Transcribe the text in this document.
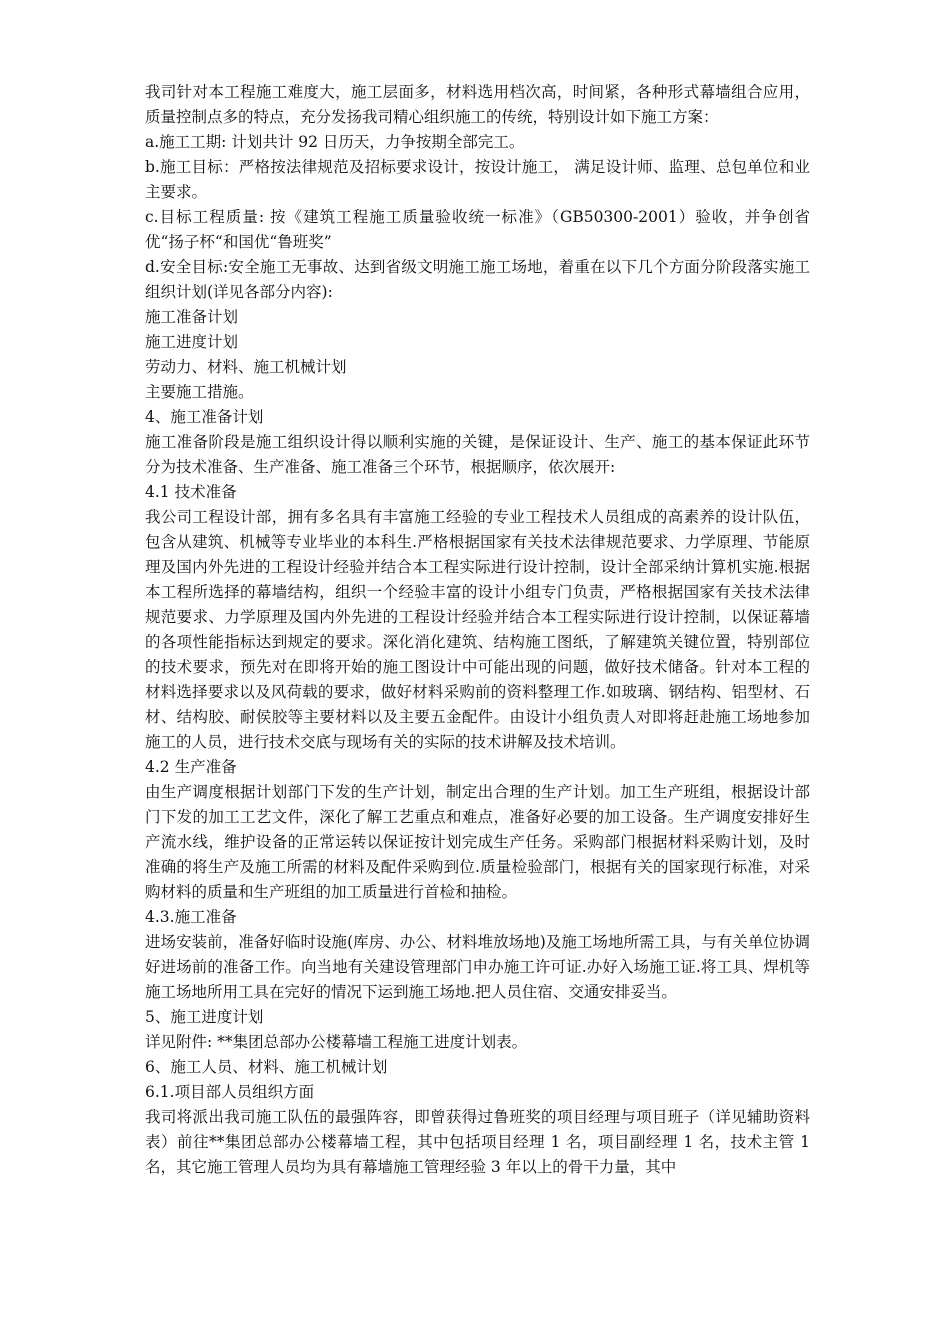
我司针对本工程施工难度大，施工层面多，材料选用档次高，时间紧，各种形式幕墙组合应用，质量控制点多的特点，充分发扬我司精心组织施工的传统，特别设计如下施工方案：

a.施工工期: 计划共计 92 日历天，力争按期全部完工。

b.施工目标：严格按法律规范及招标要求设计，按设计施工， 满足设计师、监理、总包单位和业主要求。

c.目标工程质量: 按《建筑工程施工质量验收统一标准》（GB50300-2001）验收，并争创省优“扬子杯“和国优“鲁班奖”

d.安全目标:安全施工无事故、达到省级文明施工施工场地，着重在以下几个方面分阶段落实施工组织计划(详见各部分内容):

施工准备计划

施工进度计划

劳动力、材料、施工机械计划

主要施工措施。

4、施工准备计划

施工准备阶段是施工组织设计得以顺利实施的关键，是保证设计、生产、施工的基本保证此环节分为技术准备、生产准备、施工准备三个环节，根据顺序，依次展开:

4.1 技术准备

我公司工程设计部，拥有多名具有丰富施工经验的专业工程技术人员组成的高素养的设计队伍，包含从建筑、机械等专业毕业的本科生.严格根据国家有关技术法律规范要求、力学原理、节能原理及国内外先进的工程设计经验并结合本工程实际进行设计控制，设计全部采纳计算机实施.根据本工程所选择的幕墙结构，组织一个经验丰富的设计小组专门负责，严格根据国家有关技术法律规范要求、力学原理及国内外先进的工程设计经验并结合本工程实际进行设计控制，以保证幕墙的各项性能指标达到规定的要求。深化消化建筑、结构施工图纸，了解建筑关键位置，特别部位的技术要求，预先对在即将开始的施工图设计中可能出现的问题，做好技术储备。针对本工程的材料选择要求以及风荷载的要求，做好材料采购前的资料整理工作.如玻璃、钢结构、铝型材、石材、结构胶、耐侯胶等主要材料以及主要五金配件。由设计小组负责人对即将赶赴施工场地参加施工的人员，进行技术交底与现场有关的实际的技术讲解及技术培训。

4.2 生产准备

由生产调度根据计划部门下发的生产计划，制定出合理的生产计划。加工生产班组，根据设计部门下发的加工工艺文件，深化了解工艺重点和难点，准备好必要的加工设备。生产调度安排好生产流水线，维护设备的正常运转以保证按计划完成生产任务。采购部门根据材料采购计划，及时准确的将生产及施工所需的材料及配件采购到位.质量检验部门，根据有关的国家现行标准，对采购材料的质量和生产班组的加工质量进行首检和抽检。

4.3.施工准备

进场安装前，准备好临时设施(库房、办公、材料堆放场地)及施工场地所需工具，与有关单位协调好进场前的准备工作。向当地有关建设管理部门申办施工许可证.办好入场施工证.将工具、焊机等施工场地所用工具在完好的情况下运到施工场地.把人员住宿、交通安排妥当。

5、施工进度计划

详见附件: **集团总部办公楼幕墙工程施工进度计划表。

6、施工人员、材料、施工机械计划

6.1.项目部人员组织方面

我司将派出我司施工队伍的最强阵容，即曾获得过鲁班奖的项目经理与项目班子（详见辅助资料表）前往**集团总部办公楼幕墙工程，其中包括项目经理 1 名，项目副经理 1 名，技术主管 1 名，其它施工管理人员均为具有幕墙施工管理经验 3 年以上的骨干力量，其中
